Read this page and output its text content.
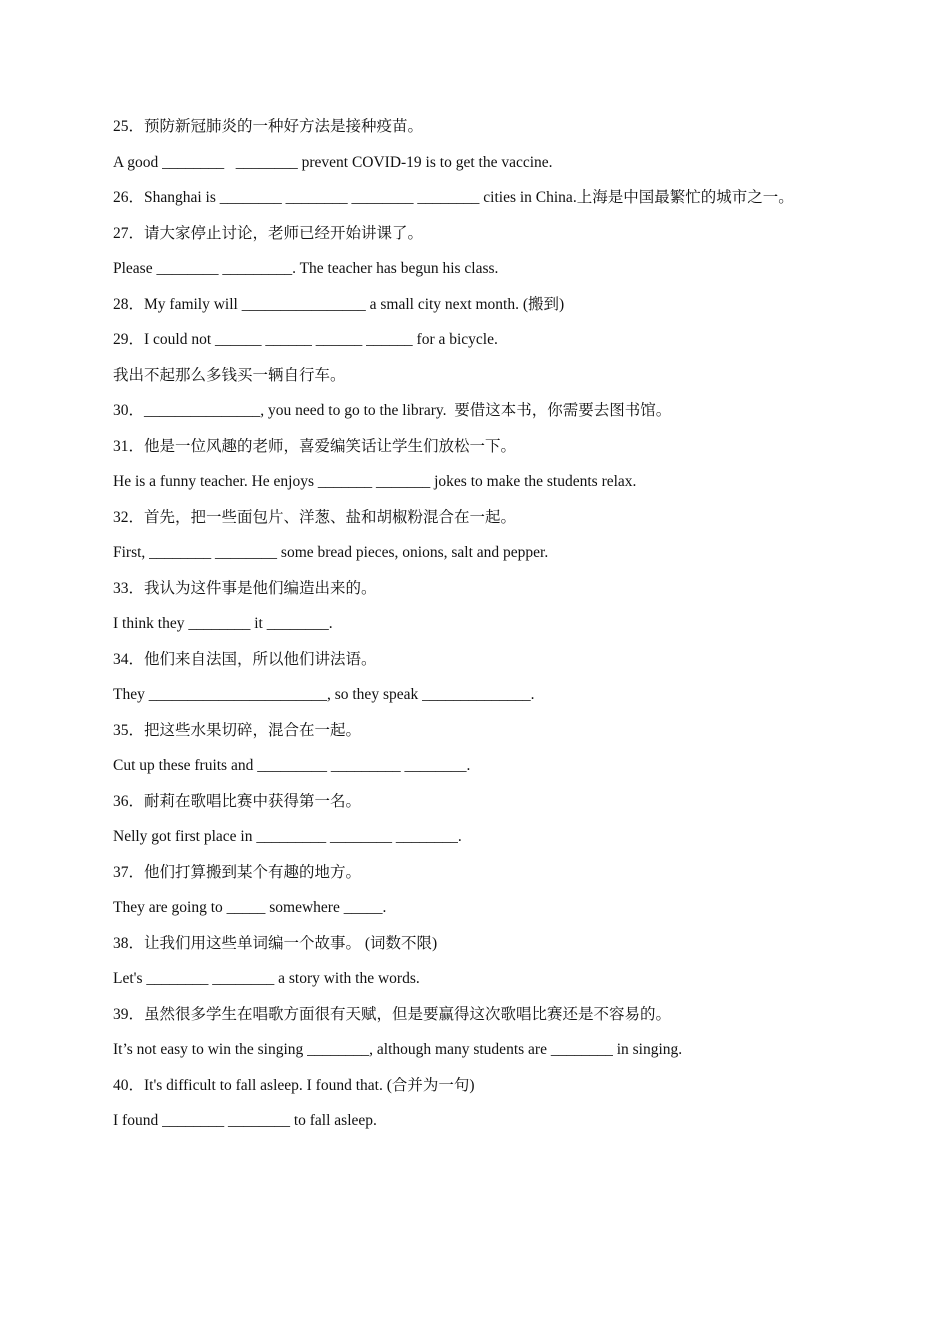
25．预防新冠肺炎的一种好方法是接种疫苗。
A good ________   ________ prevent COVID-19 is to get the vaccine.
26．Shanghai is ________ ________ ________ ________ cities in China.上海是中国最繁忙的城市之一。
27．请大家停止讨论，老师已经开始讲课了。
Please ________ _________. The teacher has begun his class.
28．My family will ________________ a small city next month. (搬到)
29．I could not ______ ______ ______ ______ for a bicycle.
我出不起那么多钱买一辆自行车。
30．_______________, you need to go to the library.  要借这本书，你需要去图书馆。
31．他是一位风趣的老师，喜爱编笑话让学生们放松一下。
He is a funny teacher. He enjoys _______ _______ jokes to make the students relax.
32．首先，把一些面包片、洋葱、盐和胡椒粉混合在一起。
First, ________ ________ some bread pieces, onions, salt and pepper.
33．我认为这件事是他们编造出来的。
I think they ________ it ________.
34．他们来自法国，所以他们讲法语。
They _______________________, so they speak ______________.
35．把这些水果切碎，混合在一起。
Cut up these fruits and _________ _________ ________.
36．耐莉在歌唱比赛中获得第一名。
Nelly got first place in _________ ________ ________.
37．他们打算搬到某个有趣的地方。
They are going to _____ somewhere _____.
38．让我们用这些单词编一个故事。 (词数不限)
Let's ________ ________ a story with the words.
39．虽然很多学生在唱歌方面很有天赋，但是要赢得这次歌唱比赛还是不容易的。
It’s not easy to win the singing ________, although many students are ________ in singing.
40．It's difficult to fall asleep. I found that. (合并为一句)
I found ________ ________ to fall asleep.
